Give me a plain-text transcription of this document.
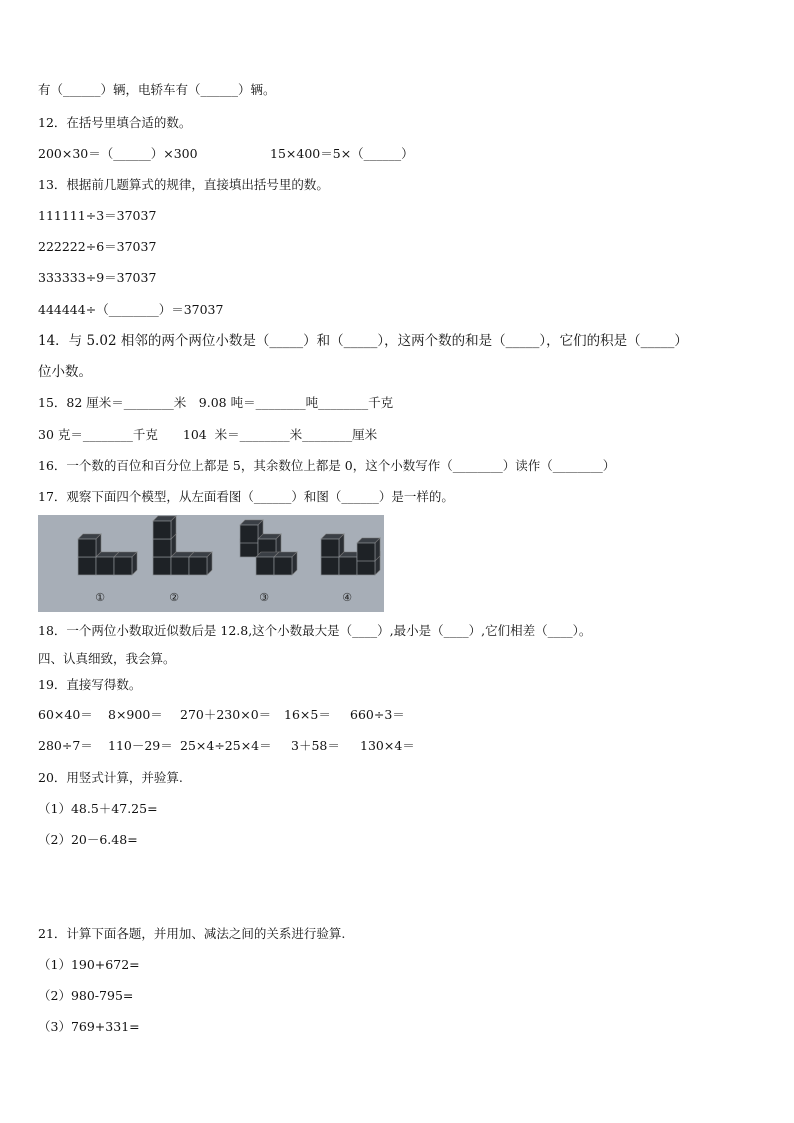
有（______）辆，电轿车有（______）辆。
12．在括号里填合适的数。

200×30＝（______）×300

	15×400＝5×（______）

13．根据前几题算式的规律，直接填出括号里的数。
111111÷3＝37037
222222÷6＝37037
333333÷9＝37037
444444÷（________）＝37037
14．与 5.02 相邻的两个两位小数是（_____）和（_____），这两个数的和是（_____），它们的积是（_____）
位小数。
15．82 厘米＝________米　9.08 吨＝________吨________千克
30 克＝________千克　　104  米＝________米________厘米
16．一个数的百位和百分位上都是 5，其余数位上都是 0，这个小数写作（________）读作（________）
17．观察下面四个模型，从左面看图（______）和图（______）是一样的。
①	②	③	④
18．一个两位小数取近似数后是 12.8,这个小数最大是（____）,最小是（____）,它们相差（____）。
四、认真细致，我会算。
19．直接写得数。

60×40＝

8×900＝

270＋230×0＝

16×5＝

660÷3＝

280÷7＝

110－29＝

25×4÷25×4＝

3＋58＝

130×4＝

20．用竖式计算，并验算.
（1）48.5＋47.25=
（2）20－6.48=
21．计算下面各题，并用加、减法之间的关系进行验算.
（1）190+672=
（2）980-795=
（3）769+331=
